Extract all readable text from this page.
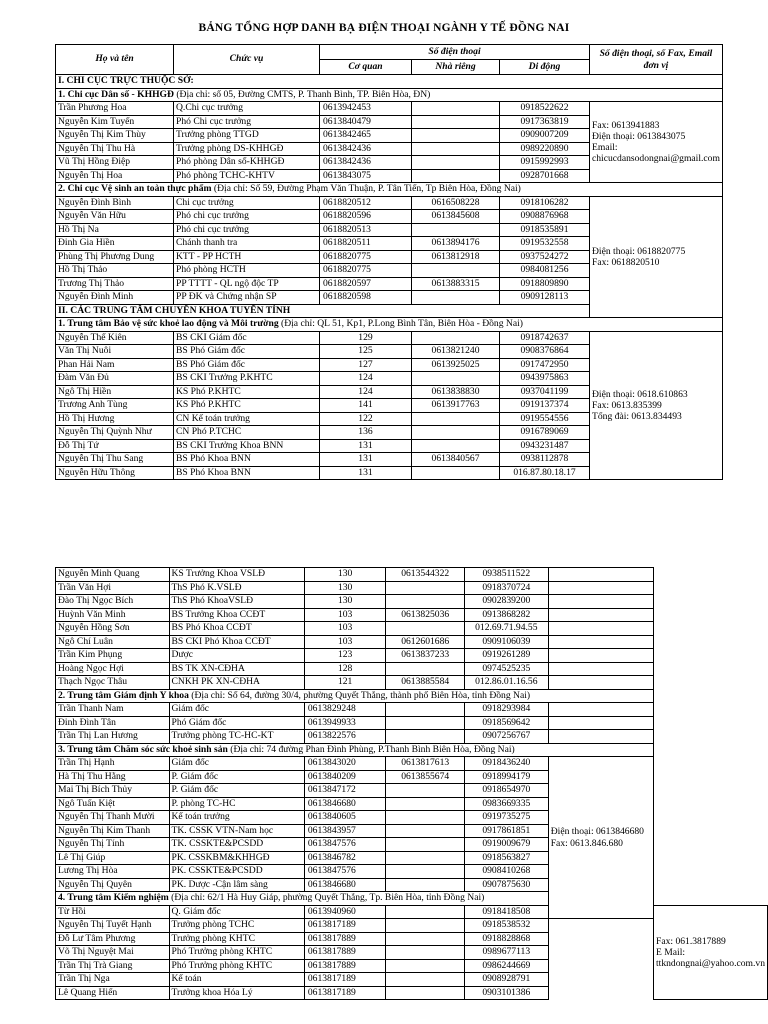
BẢNG TỔNG HỢP DANH BẠ ĐIỆN THOẠI NGÀNH Y TẾ ĐỒNG NAI
Họ và tên	Chức vụ	Số điện thoại			Số điện thoại, số Fax, Email đơn vị
		Cơ quan	Nhà riêng	Di động	
I. CHI CỤC TRỰC THUỘC SỞ:					
1. Chi cục Dân số - KHHGĐ (Địa chỉ: số 05, Đường CMTS, P. Thanh Bình, TP. Biên Hòa, ĐN)					
Trần Phương Hoa	Q.Chi cục trưởng	0613942453		0918522622	Fax: 0613941883
Điện thoại: 0613843075
Email: chicucdansodongnai@gmail.com
Nguyễn Kim Tuyến	Phó Chi cục trưởng	0613840479		0917363819	
Nguyễn Thị Kim Thùy	Trưởng phòng TTGD	0613842465		0909007209	
Nguyễn Thị Thu Hà	Trưởng phòng DS-KHHGĐ	0613842436		0989220890	
Vũ Thị Hồng Điệp	Phó phòng Dân số-KHHGĐ	0613842436		0915992993	
Nguyễn Thị Hoa	Phó phòng TCHC-KHTV	0613843075		0928701668	
2. Chi cục Vệ sinh an toàn thực phẩm (Địa chỉ: Số 59, Đường Phạm Văn Thuận, P. Tân Tiến, Tp Biên Hòa, Đồng Nai)					
Nguyễn Đình Bình	Chi cục trưởng	0618820512	0616508228	0918106282	Điện thoại: 0618820775
Fax: 0618820510
Nguyễn Văn Hữu	Phó chi cục trưởng	0618820596	0613845608	0908876968	
Hồ Thị Na	Phó chi cục trưởng	0618820513		0918535891	
Đinh Gia Hiền	Chánh thanh tra	0618820511	0613894176	0919532558	
Phùng Thị Phương Dung	KTT - PP HCTH	0618820775	0613812918	0937524272	
Hồ Thị Thảo	Phó phòng HCTH	0618820775		0984081256	
Trương Thị Thảo	PP TTTT - QL ngộ độc TP	0618820597	0613883315	0918809890	
Nguyễn Đình Minh	PP ĐK và Chứng nhận SP	0618820598		0909128113	
II. CÁC TRUNG TÂM CHUYÊN KHOA TUYẾN TỈNH					
1. Trung tâm Bảo vệ sức khoẻ lao động và Môi trường (Địa chỉ: QL 51, Kp1, P.Long Bình Tân, Biên Hòa - Đồng Nai)					
Nguyễn Thế Kiên	BS CKI Giám đốc	129		0918742637	Điện thoại: 0618.610863
Fax: 0613.835399
Tổng đài: 0613.834493
Văn Thị Nuôi	BS Phó Giám đốc	125	0613821240	0908376864	
Phan Hải Nam	BS Phó Giám đốc	127	0613925025	0917472950	
Đàm Văn Đủ	BS CKI Trưởng P.KHTC	124		0943975863	
Ngô Thị Hiền	KS Phó P.KHTC	124	0613838830	0937041199	
Trương Anh Tùng	KS Phó P.KHTC	141	0613917763	0919137374	
Hồ Thị Hương	CN Kế toán trưởng	122		0919554556	
Nguyễn Thị Quỳnh Như	CN Phó P.TCHC	136		0916789069	
Đỗ Thị Tứ	BS CKI Trưởng Khoa BNN	131		0943231487	
Nguyễn Thị Thu Sang	BS Phó Khoa BNN	131	0613840567	0938112878	
Nguyễn Hữu Thông	BS Phó Khoa BNN	131		016.87.80.18.17	
Nguyễn Minh Quang	KS Trưởng Khoa VSLĐ	130	0613544322	0938511522		
Trần Văn Hợi	ThS Phó K.VSLĐ	130		0918370724		
Đào Thị Ngọc Bích	ThS Phó KhoaVSLĐ	130		0902839200		
Huỳnh Văn Minh	BS Trưởng Khoa CCĐT	103	0613825036	0913868282		
Nguyễn Hồng Sơn	BS Phó Khoa CCĐT	103		012.69.71.94.55		
Ngô Chí Luân	BS CKI Phó Khoa CCĐT	103	0612601686	0909106039		
Trần Kim Phụng	Dược	123	0613837233	0919261289		
Hoàng Ngọc Hợi	BS TK XN-CĐHA	128		0974525235		
Thạch Ngọc Thâu	CNKH PK XN-CĐHA	121	0613885584	012.86.01.16.56		
2. Trung tâm Giám định Y khoa (Địa chỉ: Số 64, đường 30/4, phường Quyết Thắng, thành phố Biên Hòa, tỉnh Đồng Nai)						
Trần Thanh Nam	Giám đốc	0613829248		0918293984		
Đinh Đình Tân	Phó Giám đốc	0613949933		0918569642		
Trần Thị Lan Hương	Trưởng phòng TC-HC-KT	0613822576		0907256767		
3. Trung tâm Chăm sóc sức khoẻ sinh sản (Địa chỉ: 74 đường Phan Đình Phùng, P.Thanh Bình Biên Hòa, Đồng Nai)						
Trần Thị Hạnh	Giám đốc	0613843020	0613817613	0918436240	Điện thoại: 0613846680
Fax: 0613.846.680	
Hà Thị Thu Hằng	P. Giám đốc	0613840209	0613855674	0918994179		
Mai Thị Bích Thủy	P. Giám đốc	0613847172		0918654970		
Ngô Tuấn Kiệt	P. phòng TC-HC	0613846680		0983669335		
Nguyễn Thị Thanh Mười	Kế toán trưởng	0613840605		0919735275		
Nguyễn Thị Kim Thanh	TK. CSSK VTN-Nam học	0613843957		0917861851		
Nguyễn Thị Tính	TK. CSSKTE&PCSDD	0613847576		0919009679		
Lê Thị Giúp	PK. CSSKBM&KHHGĐ	0613846782		0918563827		
Lương Thị Hòa	PK. CSSKTE&PCSDD	0613847576		0908410268		
Nguyễn Thị Quyên	PK. Dược -Cận lâm sàng	0613846680		0907875630		
4. Trung tâm Kiểm nghiệm (Địa chỉ: 62/1 Hà Huy Giáp, phường Quyết Thắng, Tp. Biên Hòa, tỉnh Đồng Nai)						
Từ Hồi	Q. Giám đốc	0613940960		0918418508		Fax: 061.3817889
E Mail: ttkndongnai@yahoo.com.vn
Nguyễn Thị Tuyết Hạnh	Trưởng phòng TCHC	0613817189		0918538532		
Đỗ Lư Tâm Phương	Trưởng phòng KHTC	0613817889		0918828868		
Võ Thị Nguyệt Mai	Phó Trưởng phòng KHTC	0613817889		0989677113		
Trần Thị Trà Giang	Phó Trưởng phòng KHTC	0613817889		0986244669		
Trần Thị Nga	Kế toán	0613817189		0908928791		
Lê Quang Hiển	Trưởng khoa Hóa Lý	0613817189		0903101386		
